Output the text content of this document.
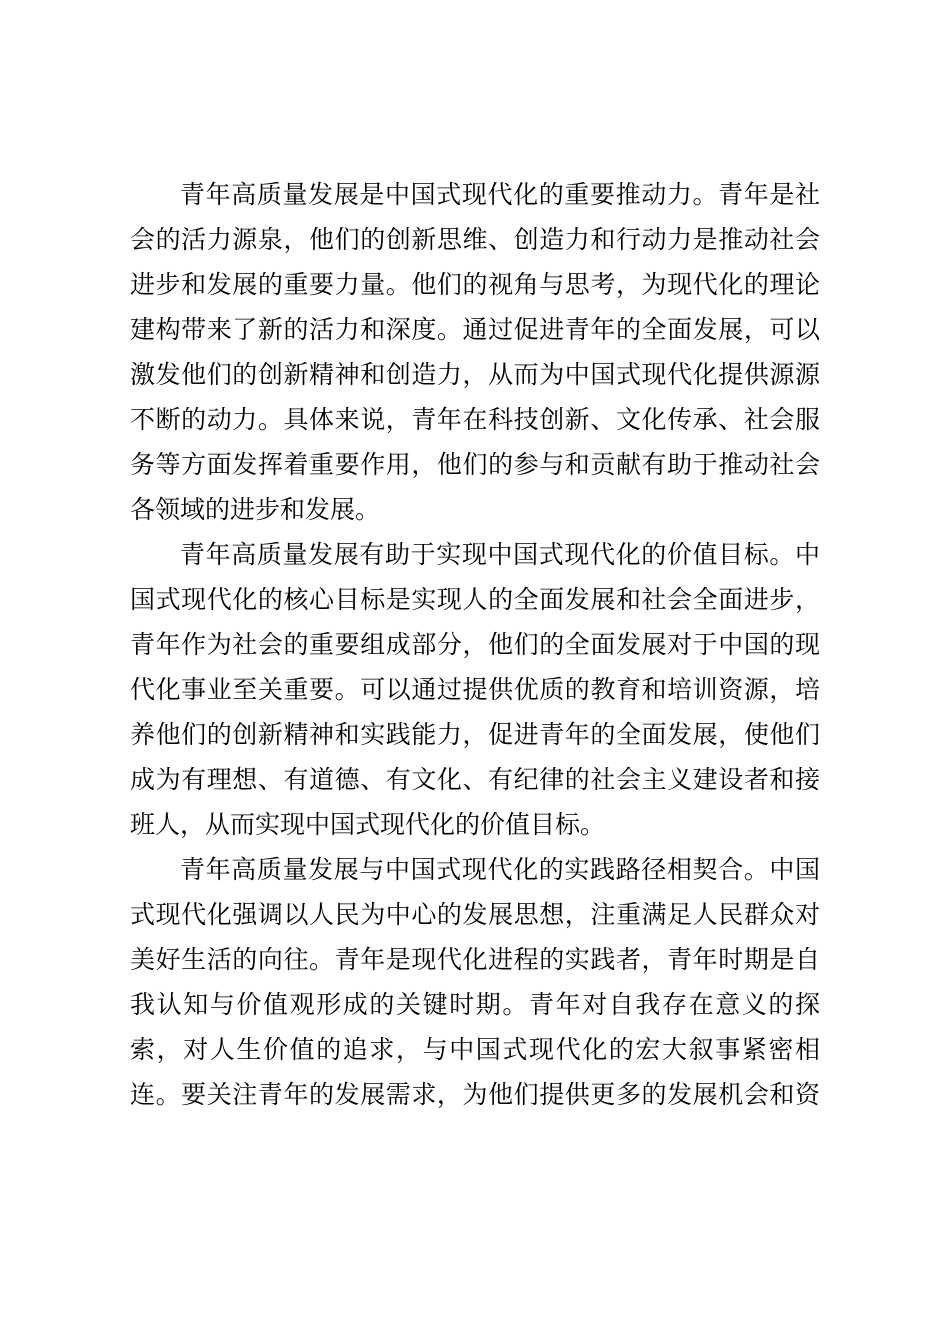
青年高质量发展是中国式现代化的重要推动力。青年是社
会的活力源泉，他们的创新思维、创造力和行动力是推动社会
进步和发展的重要力量。他们的视角与思考，为现代化的理论
建构带来了新的活力和深度。通过促进青年的全面发展，可以
激发他们的创新精神和创造力，从而为中国式现代化提供源源
不断的动力。具体来说，青年在科技创新、文化传承、社会服
务等方面发挥着重要作用，他们的参与和贡献有助于推动社会
各领域的进步和发展。
青年高质量发展有助于实现中国式现代化的价值目标。中
国式现代化的核心目标是实现人的全面发展和社会全面进步，
青年作为社会的重要组成部分，他们的全面发展对于中国的现
代化事业至关重要。可以通过提供优质的教育和培训资源，培
养他们的创新精神和实践能力，促进青年的全面发展，使他们
成为有理想、有道德、有文化、有纪律的社会主义建设者和接
班人，从而实现中国式现代化的价值目标。
青年高质量发展与中国式现代化的实践路径相契合。中国
式现代化强调以人民为中心的发展思想，注重满足人民群众对
美好生活的向往。青年是现代化进程的实践者，青年时期是自
我认知与价值观形成的关键时期。青年对自我存在意义的探
索，对人生价值的追求，与中国式现代化的宏大叙事紧密相
连。要关注青年的发展需求，为他们提供更多的发展机会和资
